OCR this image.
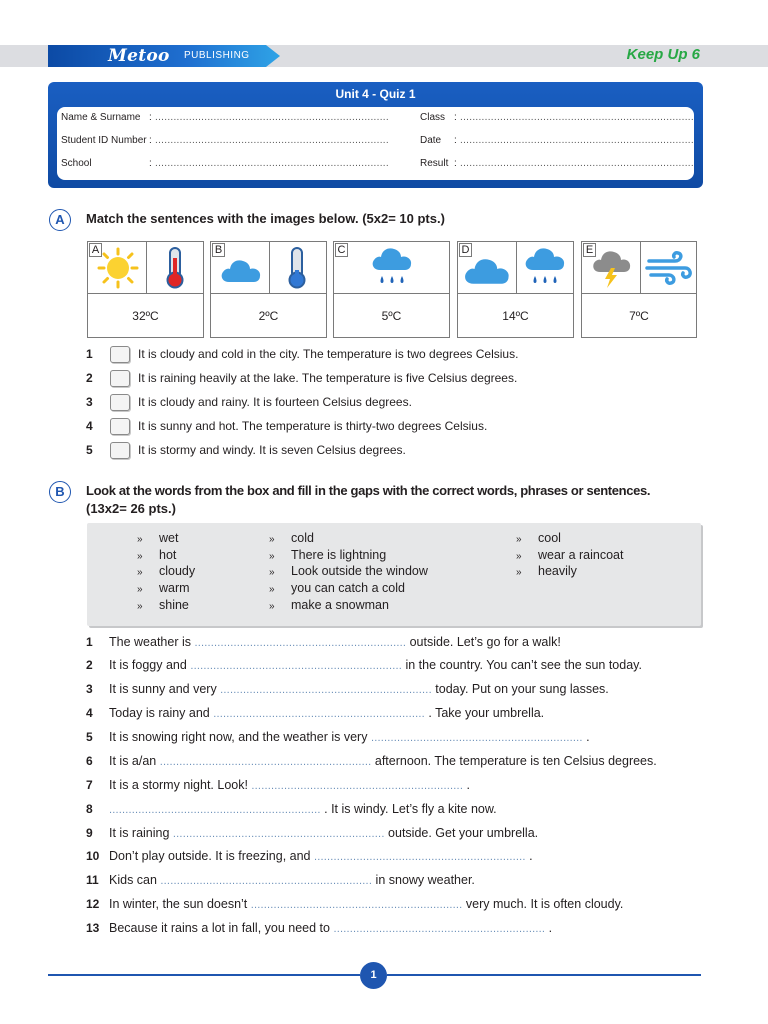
Metoo PUBLISHING	Keep Up 6
Unit 4 - Quiz 1
Name & Surname : ............................................................................
Student ID Number : ............................................................................
School	: ............................................................................
Class : ............................................................................
Date : ............................................................................
Result : ............................................................................
A	Match the sentences with the images below. (5x2= 10 pts.)
A
32ºC
B
2ºC
C
5ºC
D
14ºC
E
7ºC
1	It is cloudy and cold in the city. The temperature is two degrees Celsius.
2	It is raining heavily at the lake. The temperature is five Celsius degrees.
3	It is cloudy and rainy. It is fourteen Celsius degrees.
4	It is sunny and hot. The temperature is thirty-two degrees Celsius.
5	It is stormy and windy. It is seven Celsius degrees.
B	Look at the words from the box and fill in the gaps with the correct words, phrases or sentences.
(13x2= 26 pts.)
» wet
» hot
» cloudy
» warm
» shine
» cold
» There is lightning
» Look outside the window
» you can catch a cold
» make a snowman
» cool
» wear a raincoat
» heavily
1 The weather is ................................................................. outside. Let’s go for a walk!
2 It is foggy and ................................................................. in the country. You can’t see the sun today.
3 It is sunny and very ................................................................. today. Put on your sung lasses.
4 Today is rainy and ................................................................. . Take your umbrella.
5 It is snowing right now, and the weather is very ................................................................. .
6 It is a/an ................................................................. afternoon. The temperature is ten Celsius degrees.
7 It is a stormy night. Look! ................................................................. .
8 ................................................................. . It is windy. Let’s fly a kite now.
9 It is raining ................................................................. outside. Get your umbrella.
10 Don’t play outside. It is freezing, and ................................................................. .
11 Kids can ................................................................. in snowy weather.
12 In winter, the sun doesn’t ................................................................. very much. It is often cloudy.
13 Because it rains a lot in fall, you need to ................................................................. .
1
